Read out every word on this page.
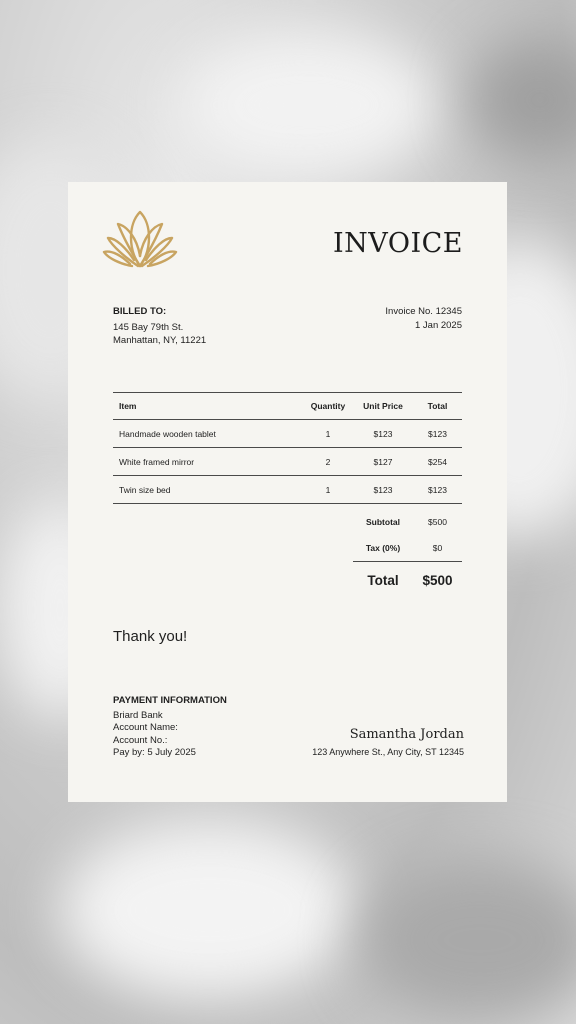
INVOICE
BILLED TO:
145 Bay 79th St.
Manhattan, NY, 11221
Invoice No. 12345
1 Jan 2025
Item	Quantity	Unit Price	Total
Handmade wooden tablet	1	$123	$123
White framed mirror	2	$127	$254
Twin size bed	1	$123	$123
Subtotal	$500
Tax (0%)	$0
Total	$500
Thank you!
PAYMENT INFORMATION
Briard Bank
Account Name:
Account No.:
Pay by: 5 July 2025
Samantha Jordan
123 Anywhere St., Any City, ST 12345
